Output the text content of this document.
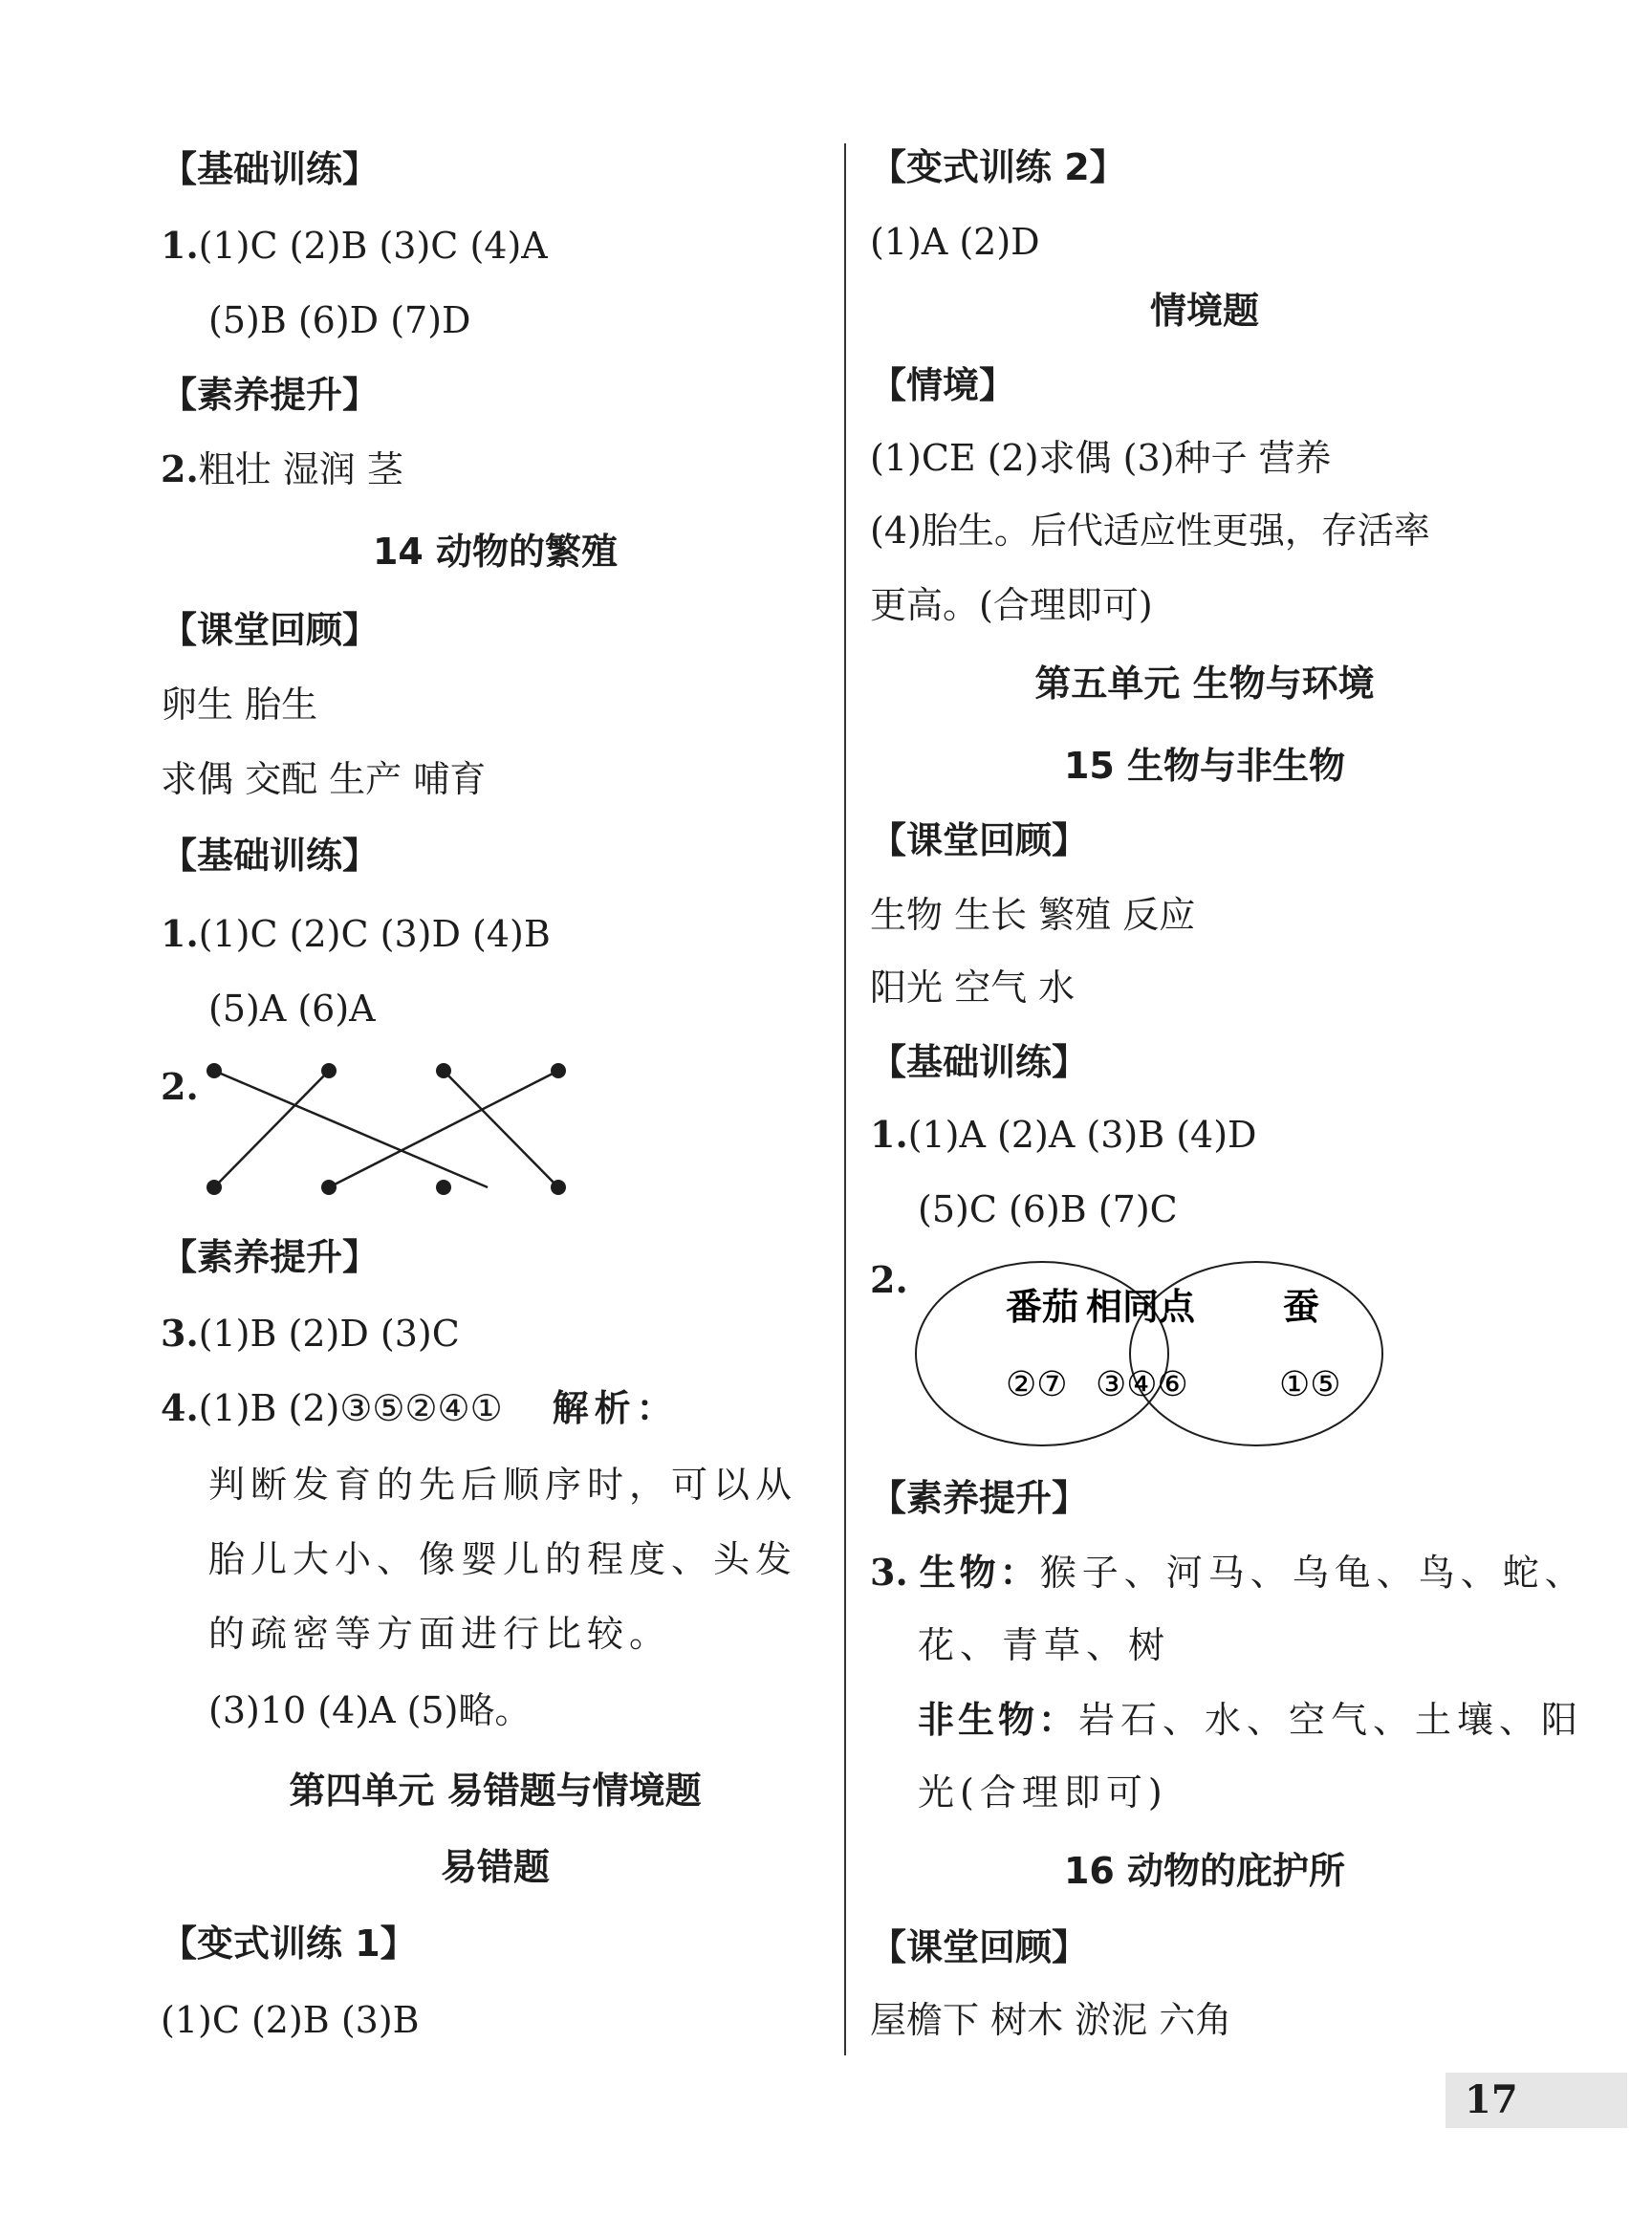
【基础训练】
1.(1)C (2)B (3)C (4)A
(5)B (6)D (7)D
【素养提升】
2.粗壮 湿润 茎
14 动物的繁殖
【课堂回顾】
卵生 胎生
求偶 交配 生产 哺育
【基础训练】
1.(1)C (2)C (3)D (4)B
(5)A (6)A
2.
【素养提升】
3.(1)B (2)D (3)C
4.(1)B (2)③⑤②④① 解析：
判断发育的先后顺序时，可以从
胎儿大小、像婴儿的程度、头发
的疏密等方面进行比较。
(3)10 (4)A (5)略。
第四单元 易错题与情境题
易错题
【变式训练 1】
(1)C (2)B (3)B
【变式训练 2】
(1)A (2)D
情境题
【情境】
(1)CE (2)求偶 (3)种子 营养
(4)胎生。后代适应性更强，存活率
更高。(合理即可)
第五单元 生物与环境
15 生物与非生物
【课堂回顾】
生物 生长 繁殖 反应
阳光 空气 水
【基础训练】
1.(1)A (2)A (3)B (4)D
(5)C (6)B (7)C
2.
番茄 相同点 蚕
②⑦ ③④⑥	①⑤
【素养提升】
3. 生物：猴子、河马、乌龟、鸟、蛇、
花、青草、树
非生物：岩石、水、空气、土壤、阳
光(合理即可)
16 动物的庇护所
【课堂回顾】
屋檐下 树木 淤泥 六角
17
